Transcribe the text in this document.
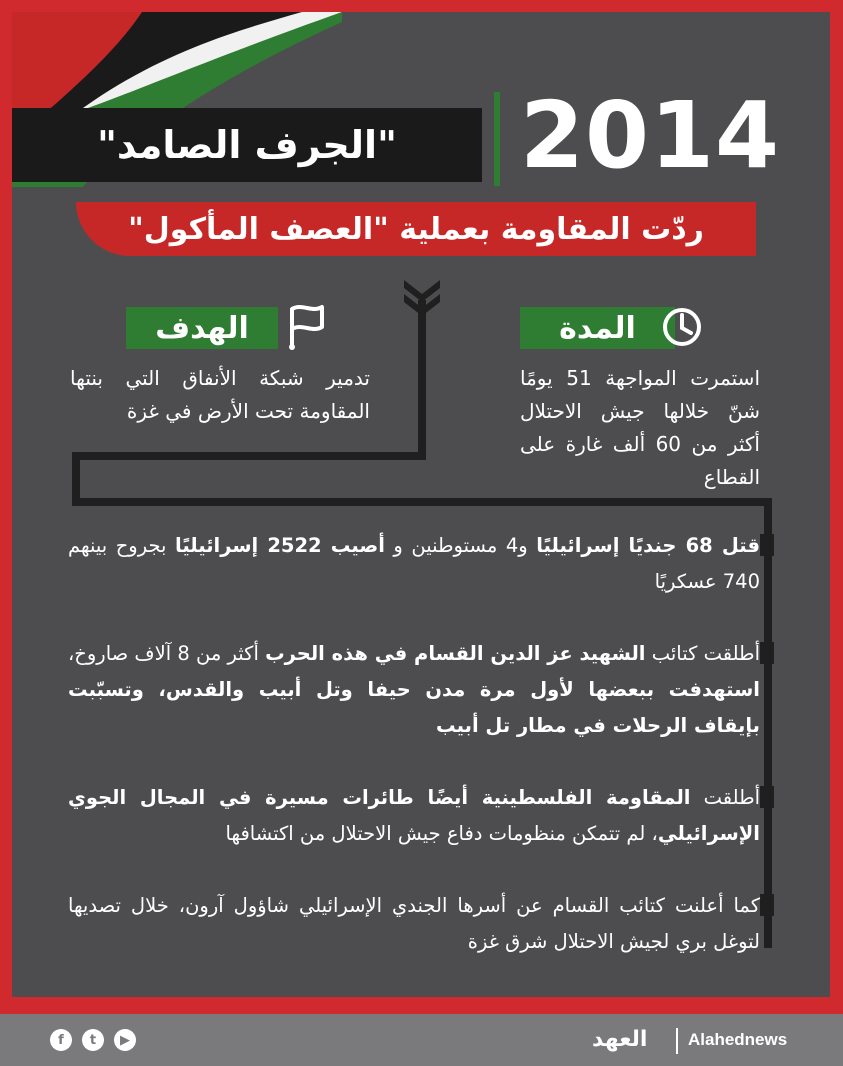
"الجرف الصامد" 2014
ردّت المقاومة بعملية "العصف المأكول"
المدة
استمرت المواجهة 51 يومًا شنّ خلالها جيش الاحتلال أكثر من 60 ألف غارة على القطاع
الهدف
تدمير شبكة الأنفاق التي بنتها المقاومة تحت الأرض في غزة
قتل 68 جنديًا إسرائيليًا و4 مستوطنين و أصيب 2522 إسرائيليًا بجروح بينهم 740 عسكريًا
أطلقت كتائب الشهيد عز الدين القسام في هذه الحرب أكثر من 8 آلاف صاروخ، استهدفت ببعضها لأول مرة مدن حيفا وتل أبيب والقدس، وتسبّبت بإيقاف الرحلات في مطار تل أبيب
أطلقت المقاومة الفلسطينية أيضًا طائرات مسيرة في المجال الجوي الإسرائيلي، لم تتمكن منظومات دفاع جيش الاحتلال من اكتشافها
كما أعلنت كتائب القسام عن أسرها الجندي الإسرائيلي شاؤول آرون، خلال تصديها لتوغل بري لجيش الاحتلال شرق غزة
f	t	▶	العهد Alahednews
